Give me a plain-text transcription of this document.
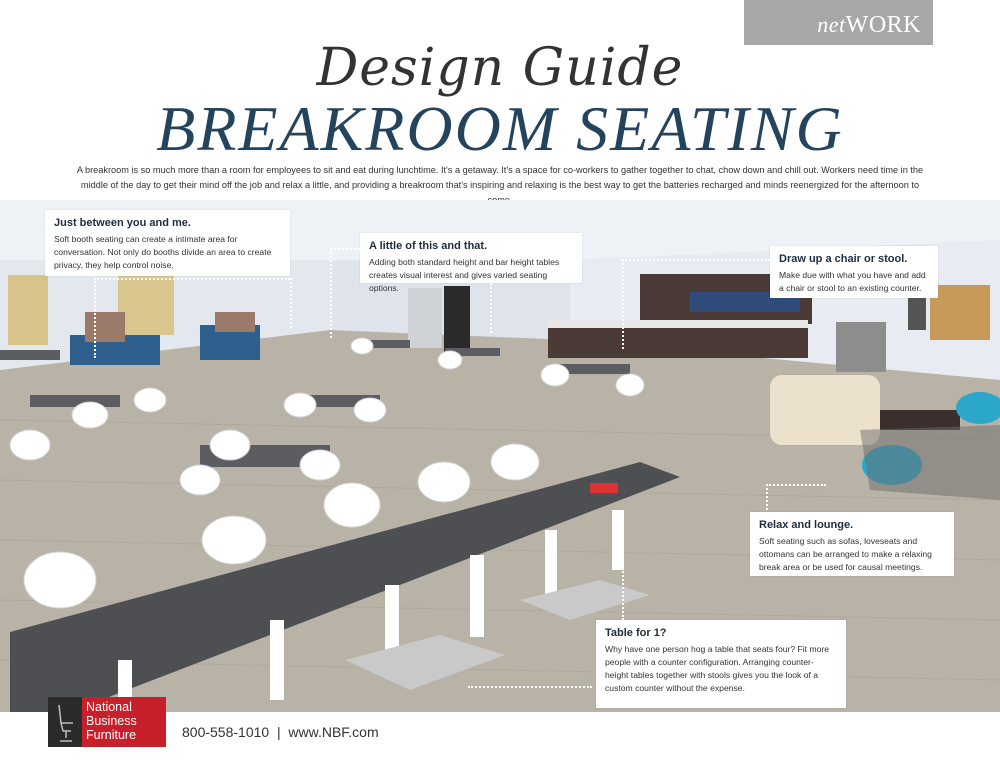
netWORK
Design Guide
BREAKROOM SEATING
A breakroom is so much more than a room for employees to sit and eat during lunchtime. It's a getaway. It's a space for co-workers to gather together to chat, chow down and chill out. Workers need time in the middle of the day to get their mind off the job and relax a little, and providing a breakroom that's inspiring and relaxing is the best way to get the batteries recharged and minds reenergized for the afternoon to
Just between you and me.

Soft booth seating can create a intimate area for conversation. Not only do booths divide an area to create privacy, they help control noise.

A little of this and that.

Adding both standard height and bar height tables creates visual interest and gives varied seating options.

Draw up a chair or stool.

Make due with what you have and add a chair or stool to an existing counter.

Relax and lounge.

Soft seating such as sofas, loveseats and ottomans can be arranged to make a relaxing break area or be used for causal meetings.

Table for 1?

Why have one person hog a table that seats four? Fit more people with a counter configuration. Arranging counter-height tables together with stools gives you the look of a custom counter without the expense.

National
Business
Furniture	800-558-1010  |  www.NBF.com
